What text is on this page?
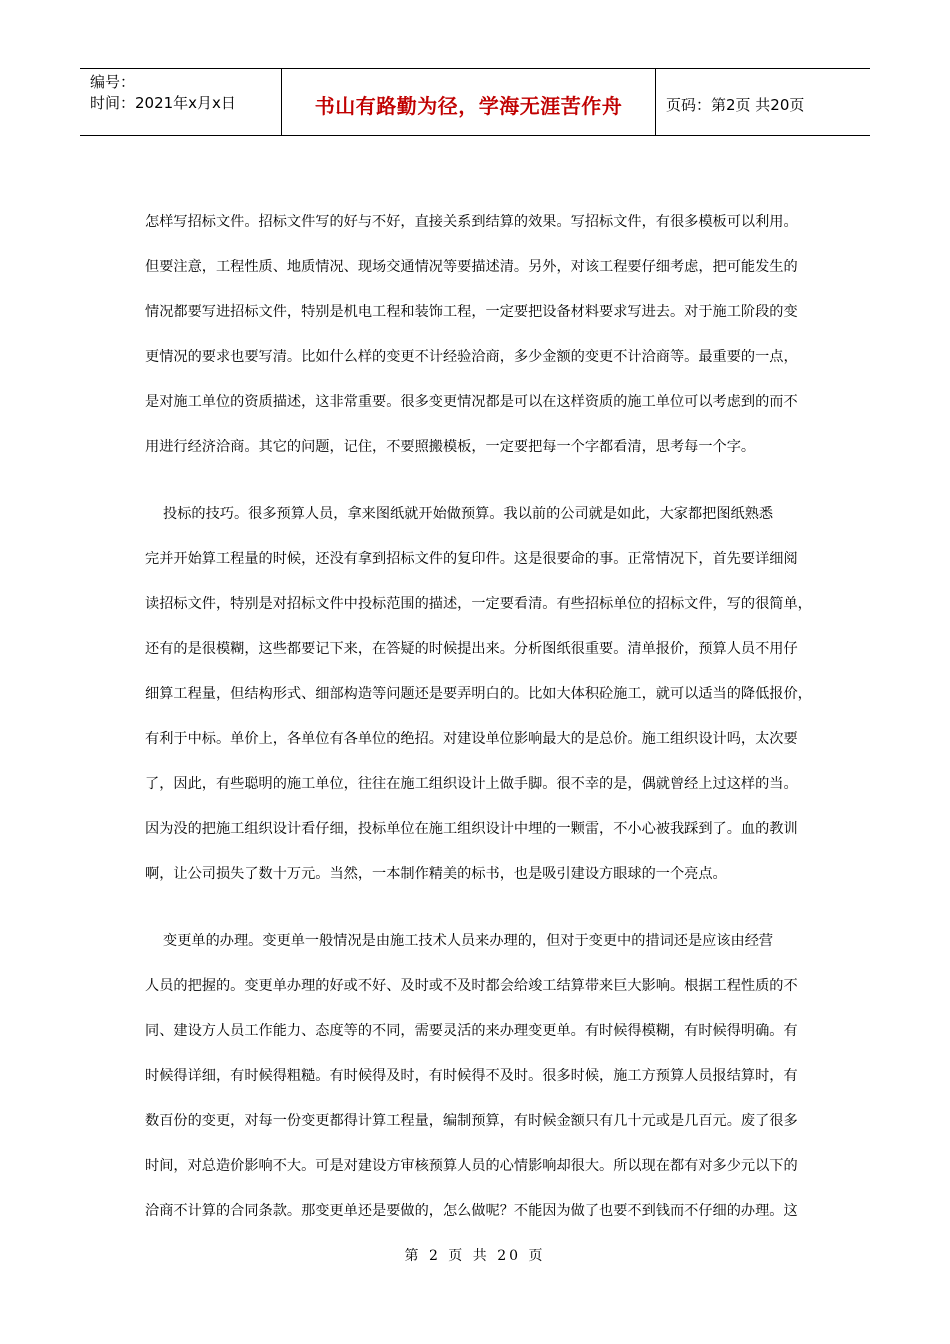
编号：
时间：2021年x月x日	书山有路勤为径，学海无涯苦作舟	页码：第2页 共20页
怎样写招标文件。招标文件写的好与不好，直接关系到结算的效果。写招标文件，有很多模板可以利用。
但要注意，工程性质、地质情况、现场交通情况等要描述清。另外，对该工程要仔细考虑，把可能发生的
情况都要写进招标文件，特别是机电工程和装饰工程，一定要把设备材料要求写进去。对于施工阶段的变
更情况的要求也要写清。比如什么样的变更不计经验洽商，多少金额的变更不计洽商等。最重要的一点，
是对施工单位的资质描述，这非常重要。很多变更情况都是可以在这样资质的施工单位可以考虑到的而不
用进行经济洽商。其它的问题，记住，不要照搬模板，一定要把每一个字都看清，思考每一个字。
投标的技巧。很多预算人员，拿来图纸就开始做预算。我以前的公司就是如此，大家都把图纸熟悉
完并开始算工程量的时候，还没有拿到招标文件的复印件。这是很要命的事。正常情况下，首先要详细阅
读招标文件，特别是对招标文件中投标范围的描述，一定要看清。有些招标单位的招标文件，写的很简单，
还有的是很模糊，这些都要记下来，在答疑的时候提出来。分析图纸很重要。清单报价，预算人员不用仔
细算工程量，但结构形式、细部构造等问题还是要弄明白的。比如大体积砼施工，就可以适当的降低报价，
有利于中标。单价上，各单位有各单位的绝招。对建设单位影响最大的是总价。施工组织设计吗，太次要
了，因此，有些聪明的施工单位，往往在施工组织设计上做手脚。很不幸的是，偶就曾经上过这样的当。
因为没的把施工组织设计看仔细，投标单位在施工组织设计中埋的一颗雷，不小心被我踩到了。血的教训
啊，让公司损失了数十万元。当然，一本制作精美的标书，也是吸引建设方眼球的一个亮点。
变更单的办理。变更单一般情况是由施工技术人员来办理的，但对于变更中的措词还是应该由经营
人员的把握的。变更单办理的好或不好、及时或不及时都会给竣工结算带来巨大影响。根据工程性质的不
同、建设方人员工作能力、态度等的不同，需要灵活的来办理变更单。有时候得模糊，有时候得明确。有
时候得详细，有时候得粗糙。有时候得及时，有时候得不及时。很多时候，施工方预算人员报结算时，有
数百份的变更，对每一份变更都得计算工程量，编制预算，有时候金额只有几十元或是几百元。废了很多
时间，对总造价影响不大。可是对建设方审核预算人员的心情影响却很大。所以现在都有对多少元以下的
洽商不计算的合同条款。那变更单还是要做的，怎么做呢？不能因为做了也要不到钱而不仔细的办理。这
第 2 页 共 20 页
